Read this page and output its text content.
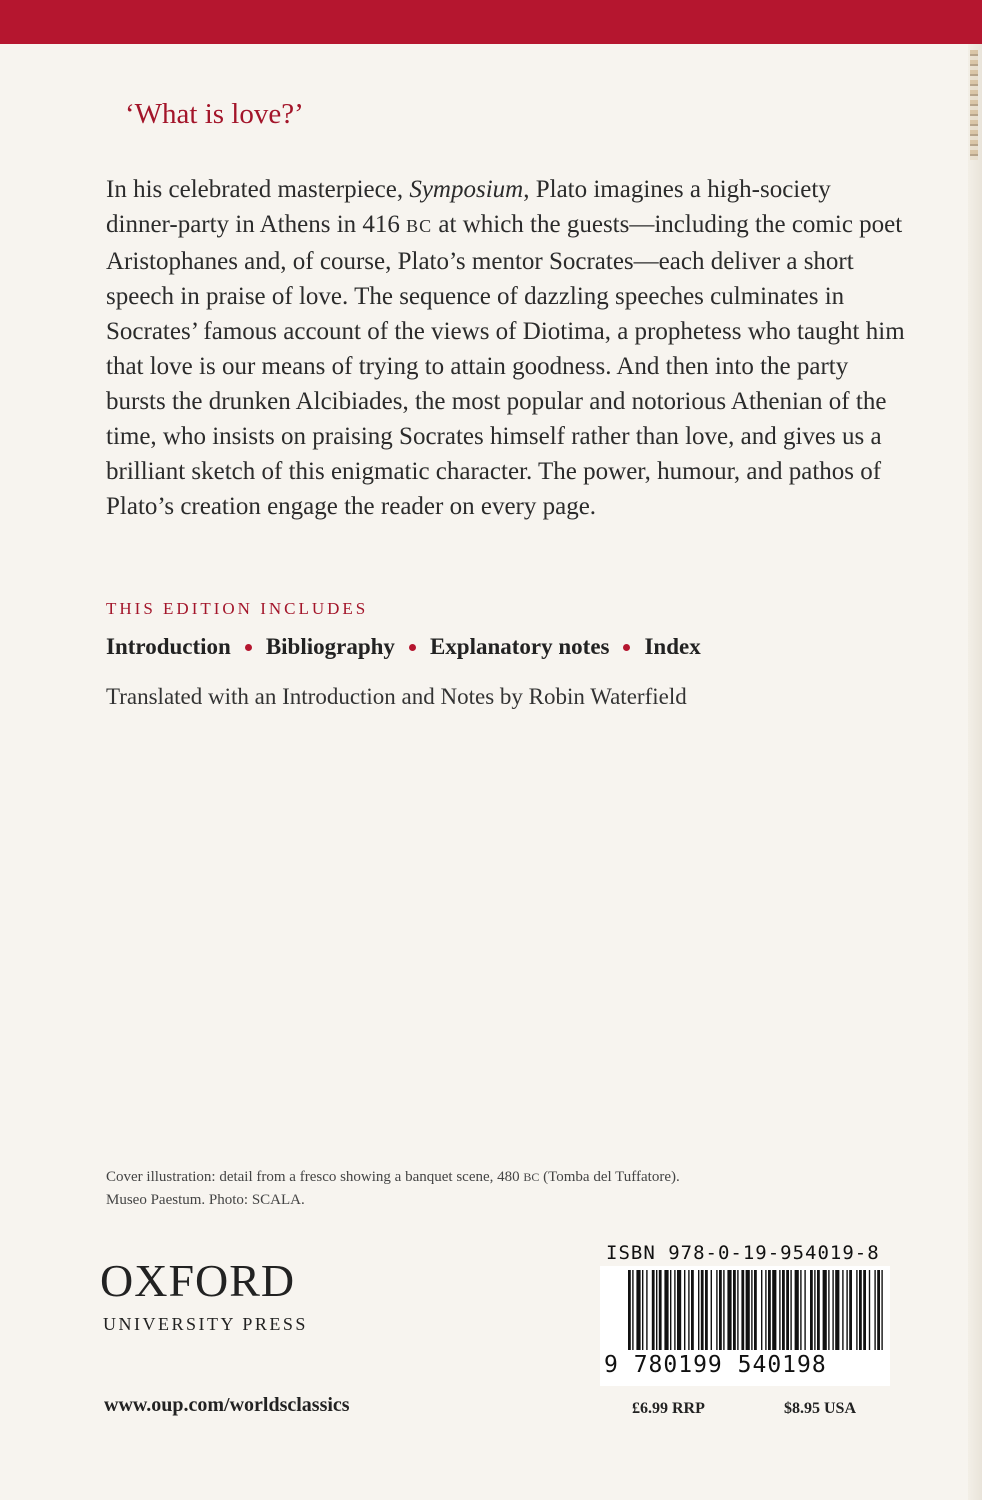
‘What is love?’

In his celebrated masterpiece, Symposium, Plato imagines a high-society dinner-party in Athens in 416 BC at which the guests—including the comic poet Aristophanes and, of course, Plato’s mentor Socrates—each deliver a short speech in praise of love. The sequence of dazzling speeches culminates in Socrates’ famous account of the views of Diotima, a prophetess who taught him that love is our means of trying to attain goodness. And then into the party bursts the drunken Alcibiades, the most popular and notorious Athenian of the time, who insists on praising Socrates himself rather than love, and gives us a brilliant sketch of this enigmatic character. The power, humour, and pathos of Plato’s creation engage the reader on every page.

THIS EDITION INCLUDES
Introduction Bibliography Explanatory notes Index

Translated with an Introduction and Notes by Robin Waterfield

Cover illustration: detail from a fresco showing a banquet scene, 480 BC (Tomba del Tuffatore).
Museo Paestum. Photo: SCALA.

OXFORD
UNIVERSITY PRESS

www.oup.com/worldsclassics

ISBN 978-0-19-954019-8

9 780199 540198

£6.99 RRP	$8.95 USA
